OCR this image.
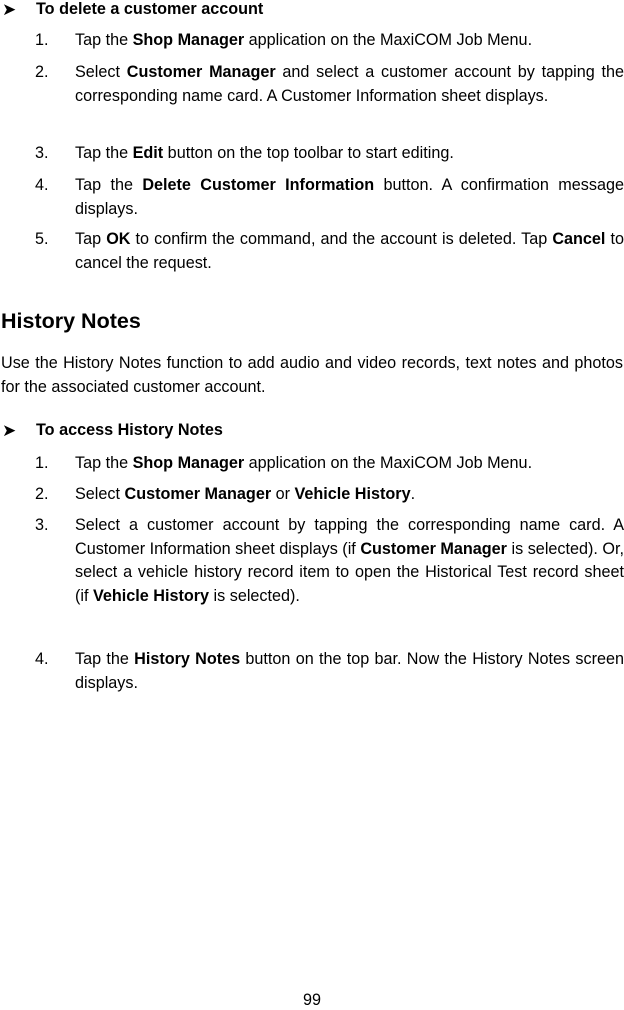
➤ To delete a customer account
1.Tap the Shop Manager application on the MaxiCOM Job Menu.
2.Select Customer Manager and select a customer account by tapping the corresponding name card. A Customer Information sheet displays.
3.Tap the Edit button on the top toolbar to start editing.
4.Tap the Delete Customer Information button. A confirmation message displays.
5.Tap OK to confirm the command, and the account is deleted. Tap Cancel to cancel the request.
History Notes
Use the History Notes function to add audio and video records, text notes and photos for the associated customer account.
➤ To access History Notes
1.Tap the Shop Manager application on the MaxiCOM Job Menu.
2.Select Customer Manager or Vehicle History.
3.Select a customer account by tapping the corresponding name card. A Customer Information sheet displays (if Customer Manager is selected). Or, select a vehicle history record item to open the Historical Test record sheet (if Vehicle History is selected).
4.Tap the History Notes button on the top bar. Now the History Notes screen displays.
99
